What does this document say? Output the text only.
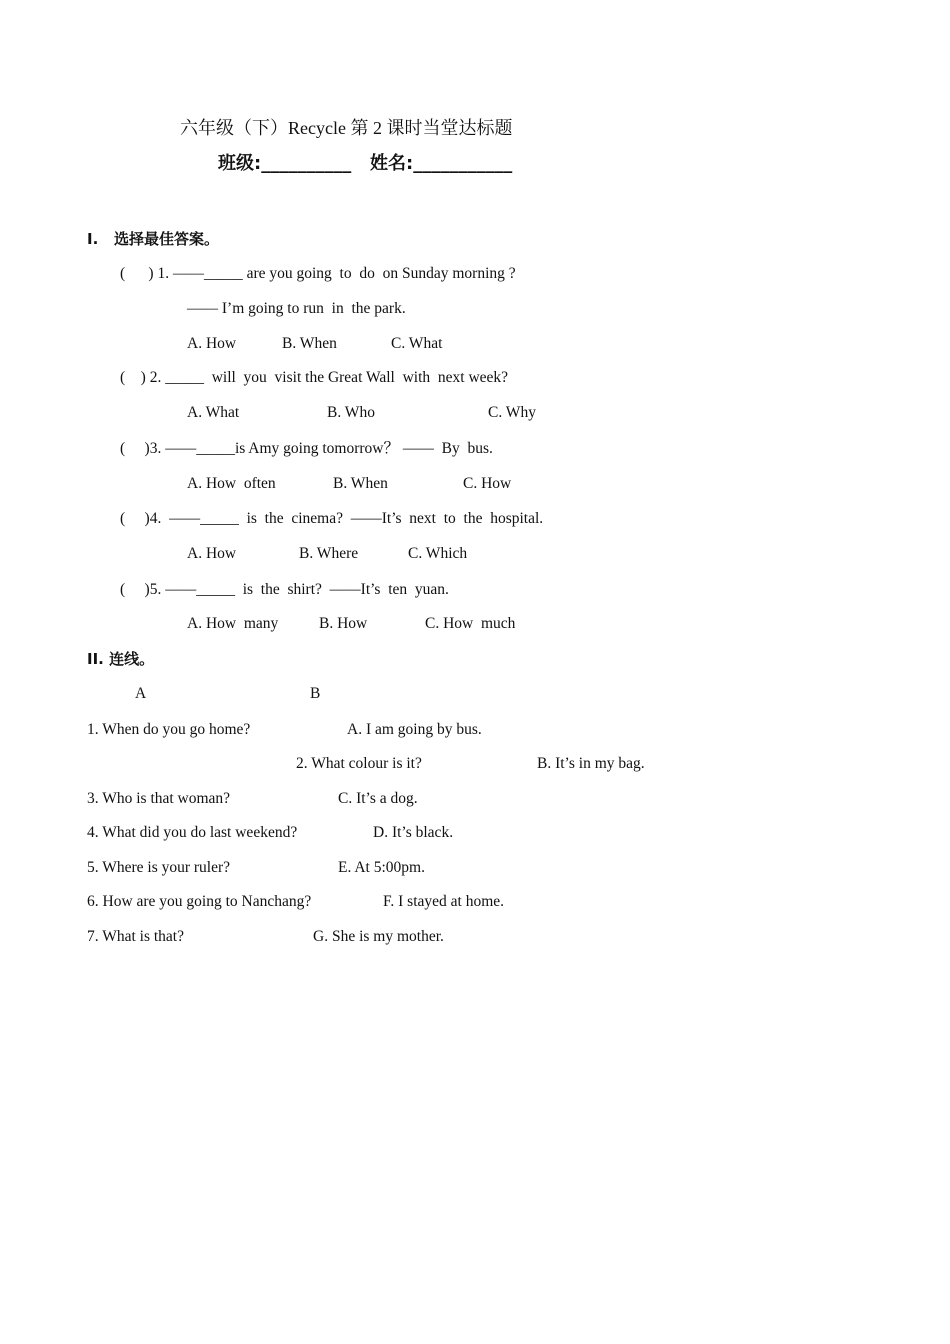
六年级（下）Recycle 第 2 课时当堂达标题
班级:__________ 姓名:___________
I.   选择最佳答案。
(      ) 1. ——_____ are you going  to  do  on Sunday morning ?
—— I’m going to run  in  the park.
A. How	B. When	C. What
(    ) 2. _____  will  you  visit the Great Wall  with  next week?
A. What	B. Who	C. Why
(     )3. ——_____is Amy going tomorrow？ ——  By  bus.
A. How  often	B. When	C. How
(     )4.  ——_____  is  the  cinema?  ——It’s  next  to  the  hospital.
A. How	B. Where	C. Which
(     )5. ——_____  is  the  shirt?  ——It’s  ten  yuan.
A. How  many	B. How	C. How  much
II. 连线。
A	B
1. When do you go home?	A. I am going by bus.
2. What colour is it?	B. It’s in my bag.
3. Who is that woman?	C. It’s a dog.
4. What did you do last weekend?	D. It’s black.
5. Where is your ruler?	E. At 5:00pm.
6. How are you going to Nanchang?	F. I stayed at home.
7. What is that?	G. She is my mother.
